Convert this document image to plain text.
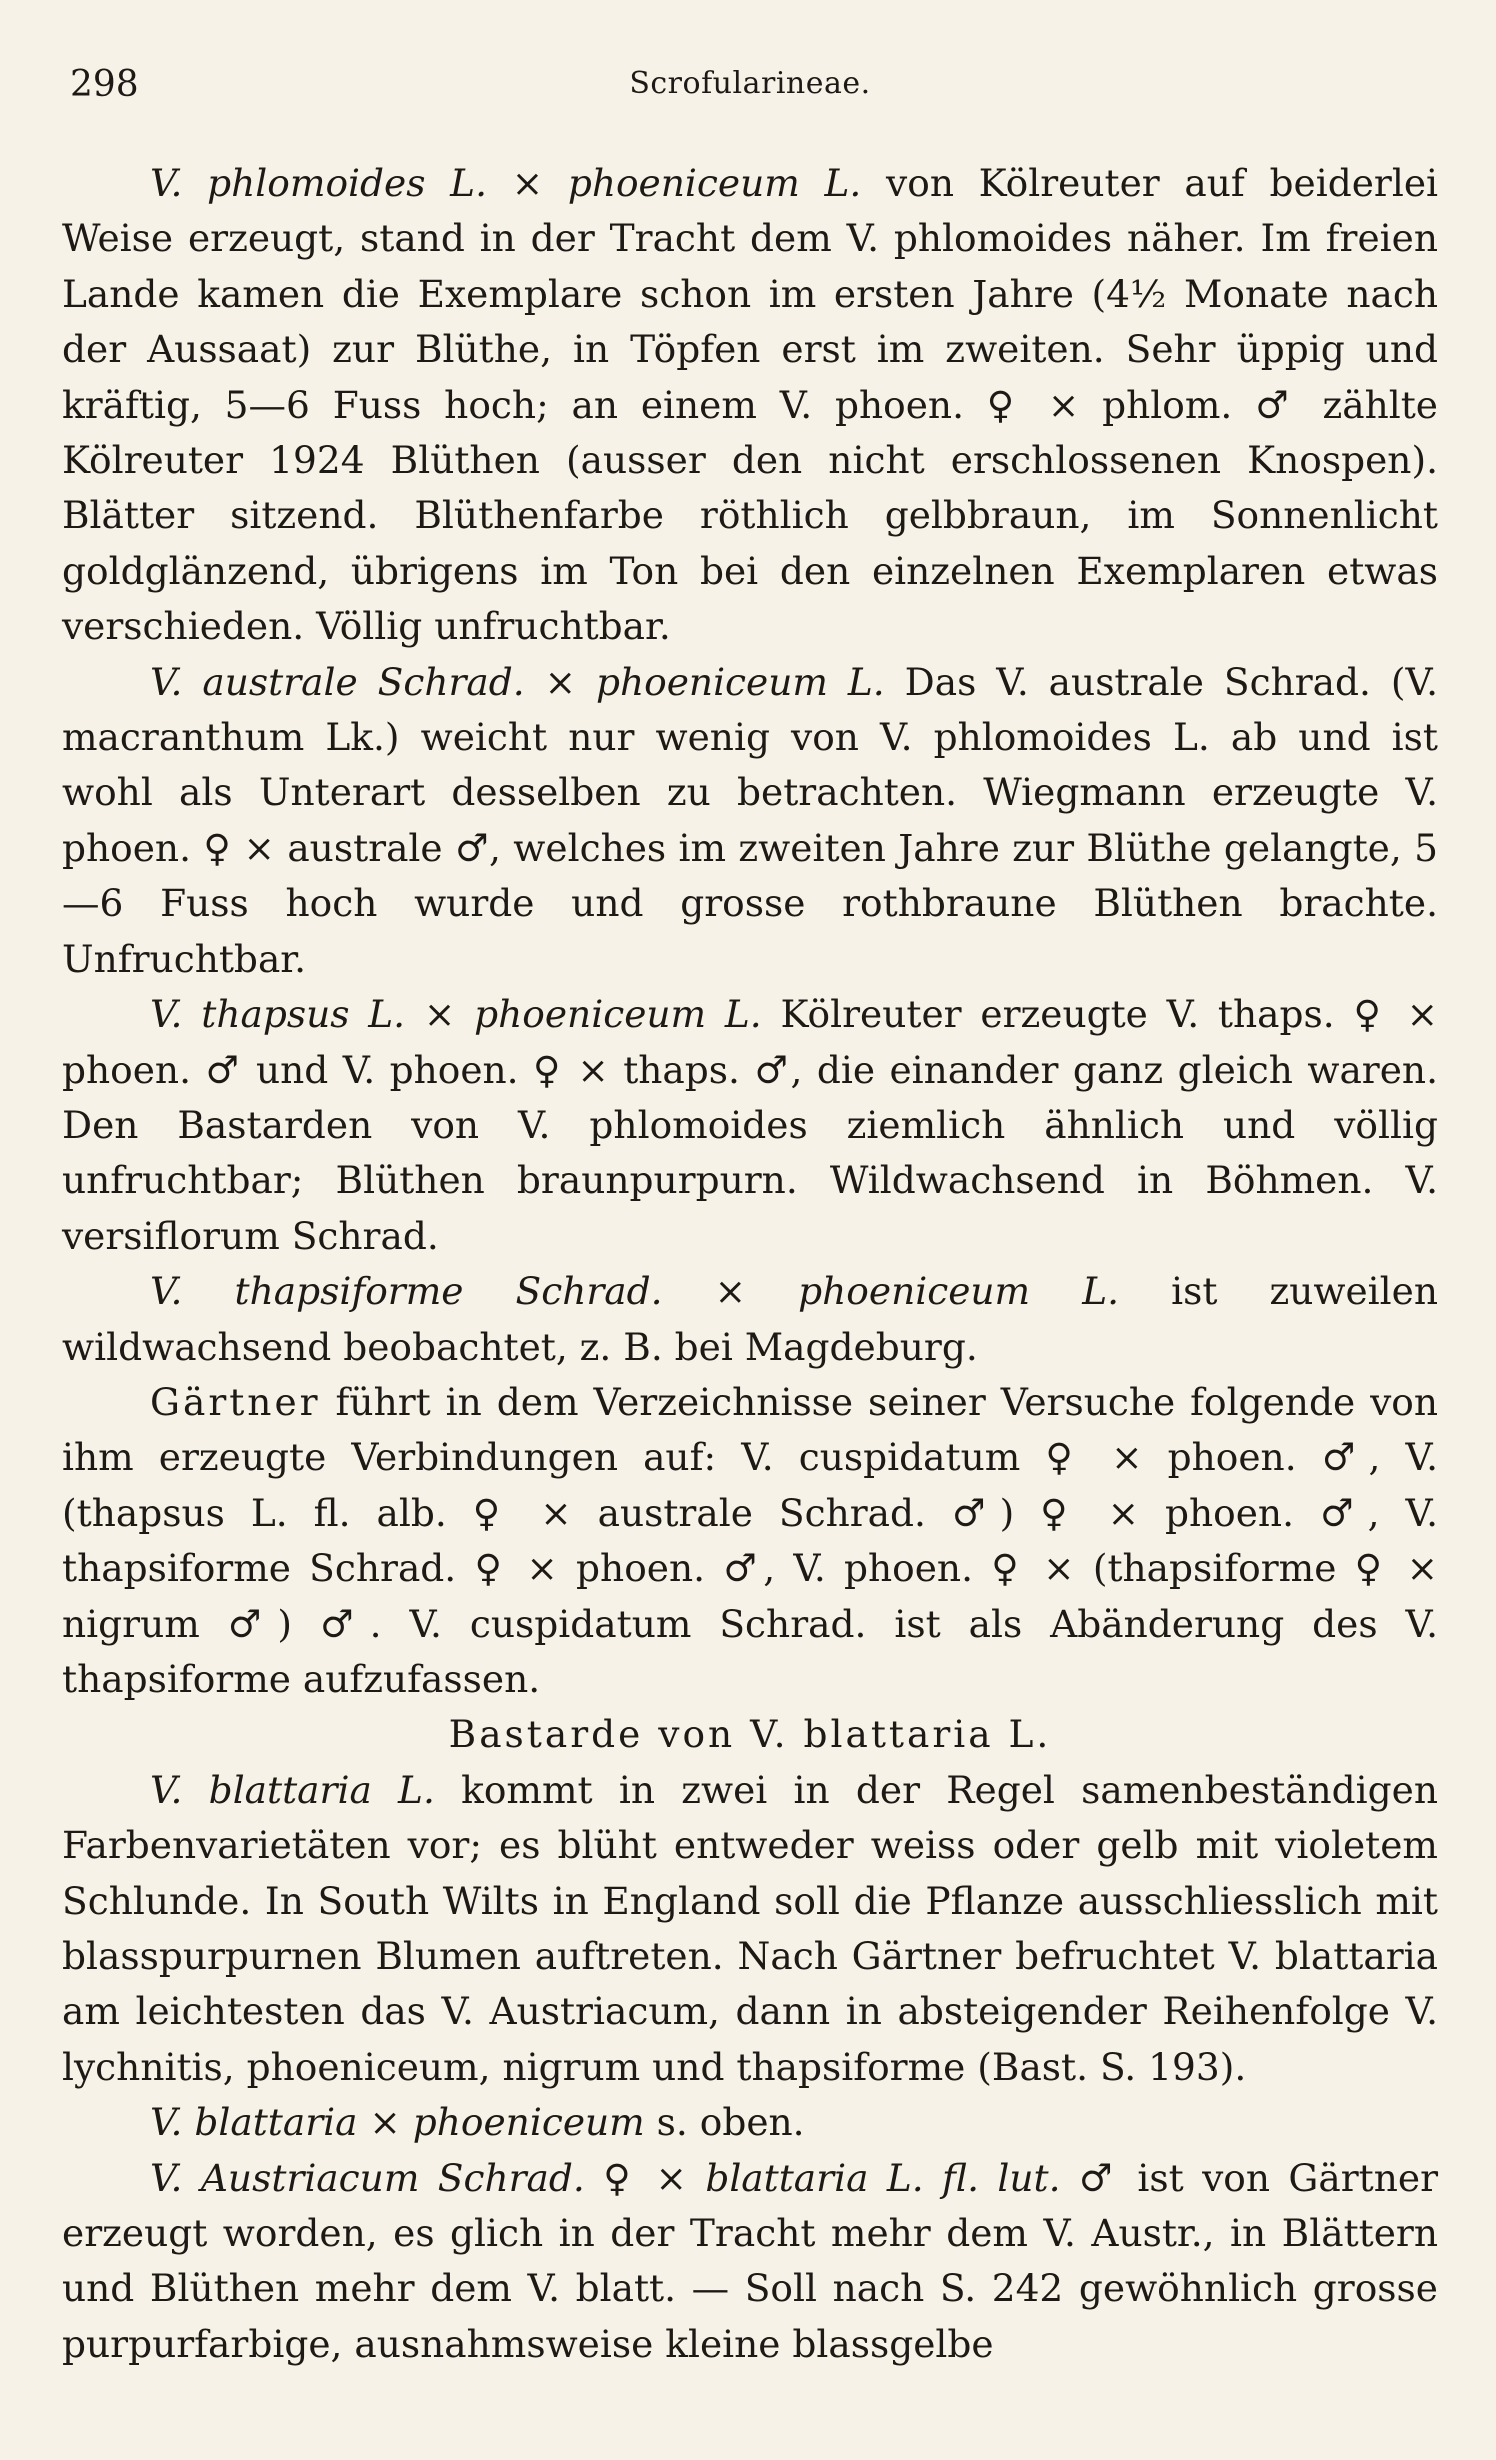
298	Scrofularineae.

V. phlomoides L. × phoeniceum L. von Kölreuter auf beiderlei Weise erzeugt, stand in der Tracht dem V. phlomoides näher. Im freien Lande kamen die Exemplare schon im ersten Jahre (4½ Monate nach der Aussaat) zur Blüthe, in Töpfen erst im zweiten. Sehr üppig und kräftig, 5—6 Fuss hoch; an einem V. phoen. ♀ × phlom. ♂ zählte Kölreuter 1924 Blüthen (ausser den nicht erschlossenen Knospen). Blätter sitzend. Blüthenfarbe röthlich gelbbraun, im Sonnenlicht goldglänzend, übrigens im Ton bei den einzelnen Exemplaren etwas verschieden. Völlig unfruchtbar.

V. australe Schrad. × phoeniceum L. Das V. australe Schrad. (V. macranthum Lk.) weicht nur wenig von V. phlomoides L. ab und ist wohl als Unterart desselben zu betrachten. Wiegmann erzeugte V. phoen. ♀ × australe ♂, welches im zweiten Jahre zur Blüthe gelangte, 5—6 Fuss hoch wurde und grosse rothbraune Blüthen brachte. Unfruchtbar.

V. thapsus L. × phoeniceum L. Kölreuter erzeugte V. thaps. ♀ × phoen. ♂ und V. phoen. ♀ × thaps. ♂, die einander ganz gleich waren. Den Bastarden von V. phlomoides ziemlich ähnlich und völlig unfruchtbar; Blüthen braunpurpurn. Wildwachsend in Böhmen. V. versiflorum Schrad.

V. thapsiforme Schrad. × phoeniceum L. ist zuweilen wildwachsend beobachtet, z. B. bei Magdeburg.

Gärtner führt in dem Verzeichnisse seiner Versuche folgende von ihm erzeugte Verbindungen auf: V. cuspidatum ♀ × phoen. ♂, V. (thapsus L. fl. alb. ♀ × australe Schrad. ♂) ♀ × phoen. ♂, V. thapsiforme Schrad. ♀ × phoen. ♂, V. phoen. ♀ × (thapsiforme ♀ × nigrum ♂) ♂. V. cuspidatum Schrad. ist als Abänderung des V. thapsiforme aufzufassen.

Bastarde von V. blattaria L.

V. blattaria L. kommt in zwei in der Regel samenbeständigen Farbenvarietäten vor; es blüht entweder weiss oder gelb mit violetem Schlunde. In South Wilts in England soll die Pflanze ausschliesslich mit blasspurpurnen Blumen auftreten. Nach Gärtner befruchtet V. blattaria am leichtesten das V. Austriacum, dann in absteigender Reihenfolge V. lychnitis, phoeniceum, nigrum und thapsiforme (Bast. S. 193).

V. blattaria × phoeniceum s. oben.

V. Austriacum Schrad. ♀ × blattaria L. fl. lut. ♂ ist von Gärtner erzeugt worden, es glich in der Tracht mehr dem V. Austr., in Blättern und Blüthen mehr dem V. blatt. — Soll nach S. 242 gewöhnlich grosse purpurfarbige, ausnahmsweise kleine blassgelbe
